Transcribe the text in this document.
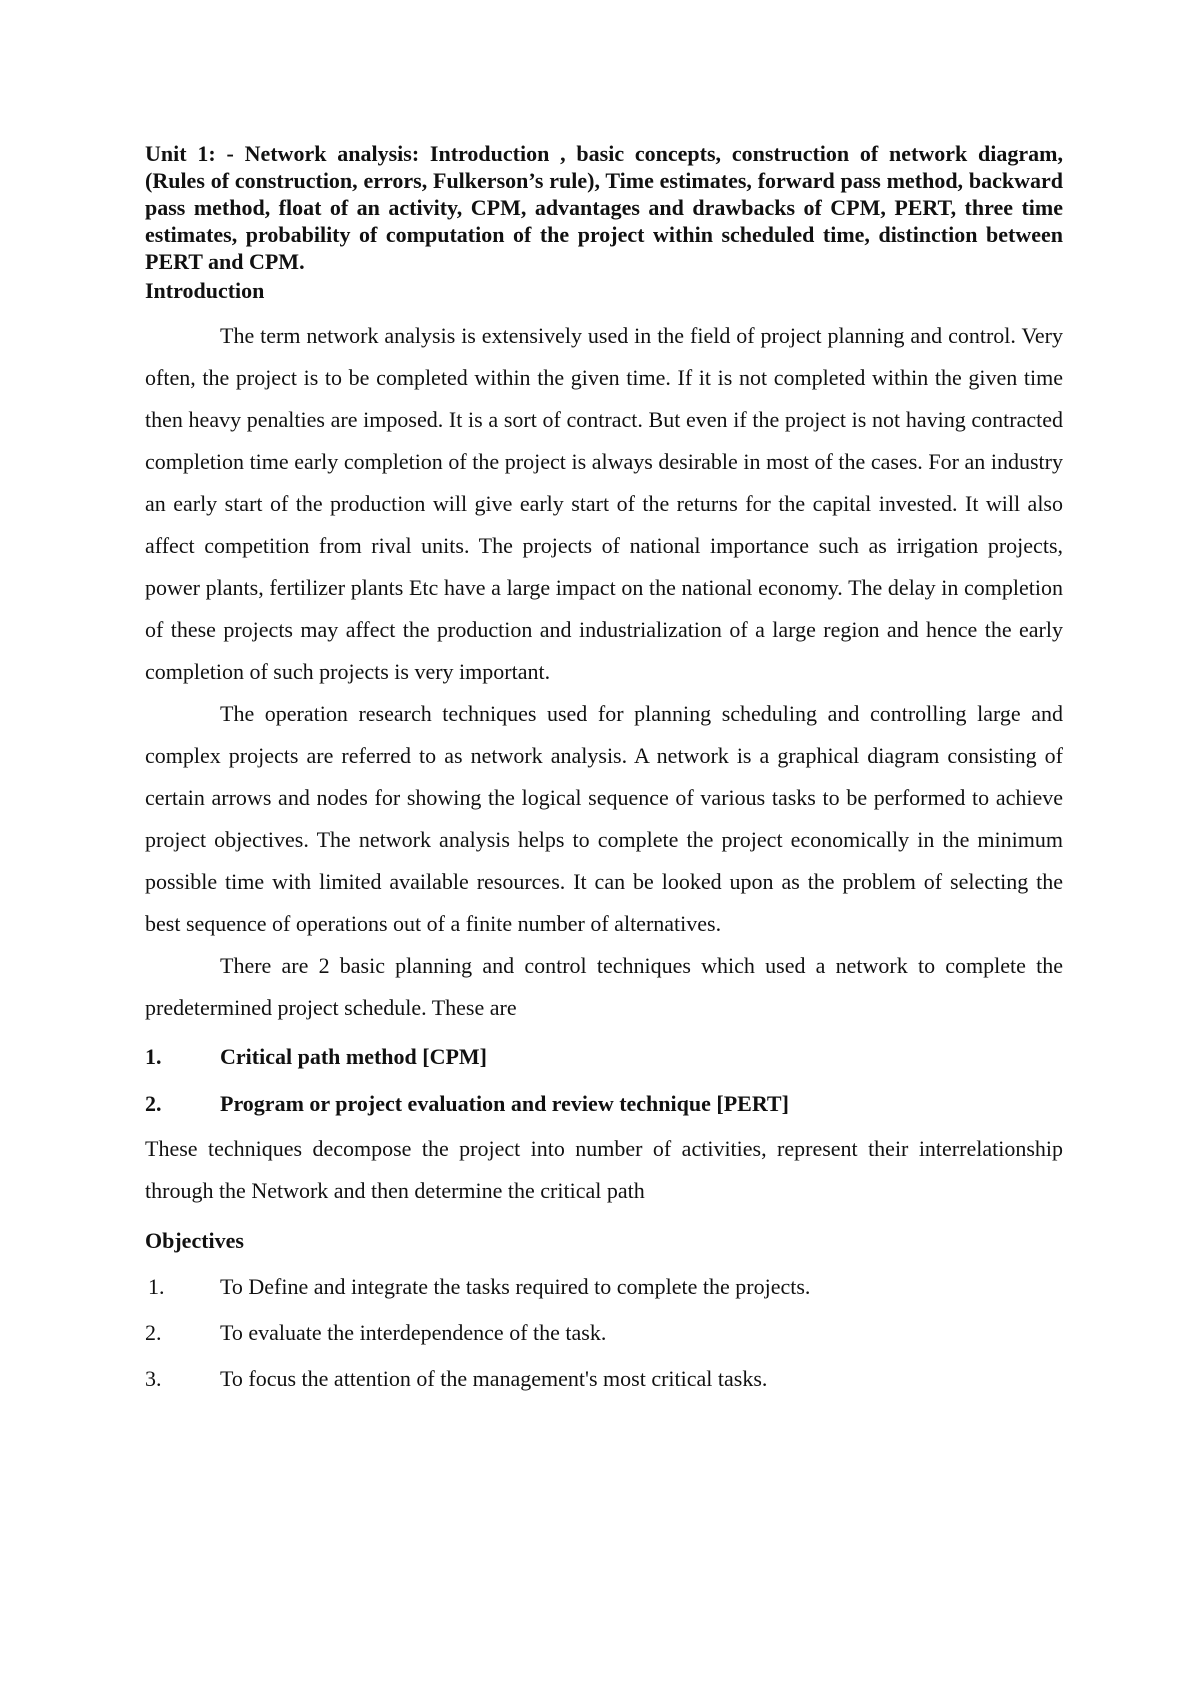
Unit 1: - Network analysis: Introduction , basic concepts, construction of network diagram, (Rules of construction, errors, Fulkerson’s rule), Time estimates, forward pass method, backward pass method, float of an activity, CPM, advantages and drawbacks of CPM, PERT, three time estimates, probability of computation of the project within scheduled time, distinction between PERT and CPM.

Introduction

The term network analysis is extensively used in the field of project planning and control. Very often, the project is to be completed within the given time. If it is not completed within the given time then heavy penalties are imposed. It is a sort of contract. But even if the project is not having contracted completion time early completion of the project is always desirable in most of the cases. For an industry an early start of the production will give early start of the returns for the capital invested. It will also affect competition from rival units. The projects of national importance such as irrigation projects, power plants, fertilizer plants Etc have a large impact on the national economy. The delay in completion of these projects may affect the production and industrialization of a large region and hence the early completion of such projects is very important.

The operation research techniques used for planning scheduling and controlling large and complex projects are referred to as network analysis. A network is a graphical diagram consisting of certain arrows and nodes for showing the logical sequence of various tasks to be performed to achieve project objectives. The network analysis helps to complete the project economically in the minimum possible time with limited available resources. It can be looked upon as the problem of selecting the best sequence of operations out of a finite number of alternatives.

There are 2 basic planning and control techniques which used a network to complete the predetermined project schedule. These are

1.	Critical path method [CPM]
2.	Program or project evaluation and review technique [PERT]

These techniques decompose the project into number of activities, represent their interrelationship through the Network and then determine the critical path

Objectives

1.	To Define and integrate the tasks required to complete the projects.
2.	To evaluate the interdependence of the task.
3.	To focus the attention of the management's most critical tasks.
